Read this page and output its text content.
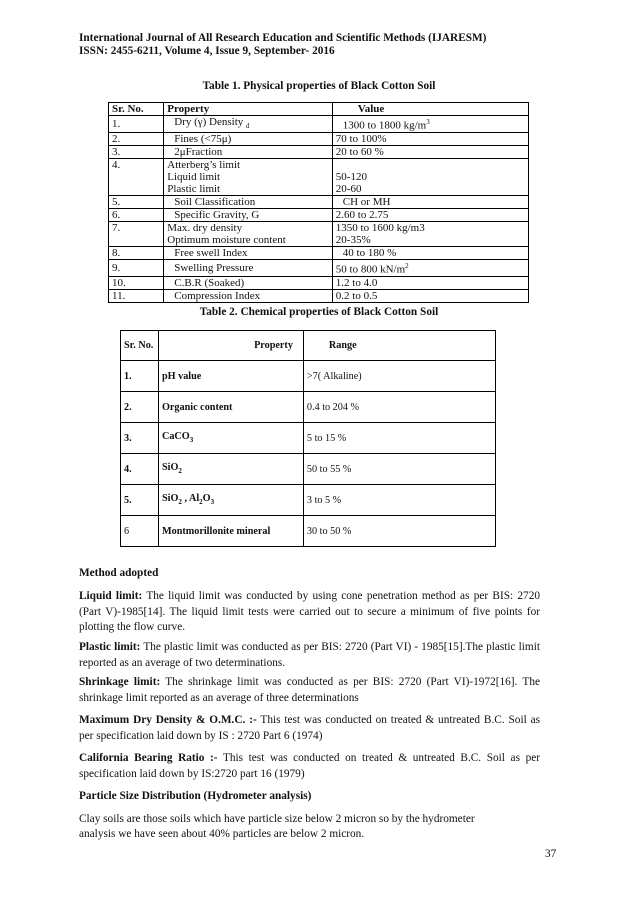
International Journal of All Research Education and Scientific Methods (IJARESM)
ISSN: 2455-6211, Volume 4, Issue 9, September- 2016
Table 1. Physical properties of Black Cotton Soil
Sr. No.	Property	Value
1.	Dry (γ) Density $_d$	1300 to 1800 $kg/m^3$
2.	Fines (<75μ)	70 to 100%
3.	2μFraction	20 to 60 %
4.	Atterberg’s limit	
	Liquid limit	50-120
	Plastic limit	20-60
5.	Soil Classification	CH or MH
6.	Specific Gravity, G	2.60 to 2.75
7.	Max. dry density	1350 to 1600 kg/m3
	Optimum moisture content	20-35%
8.	Free swell Index	40 to 180 %
9.	Swelling Pressure	50 to 800 $kN/m^2$
10.	C.B.R (Soaked)	1.2 to 4.0
11.	Compression Index	0.2 to 0.5
Table 2. Chemical properties of Black Cotton Soil
Sr. No.	Property	Range
1.	pH value	>7( Alkaline)
2.	Organic content	0.4 to 204 %
3.	CaCO$_3$	5 to 15 %
4.	SiO$_2$	50 to 55 %
5.	SiO$_2$ , $Al_2O_3$	3 to 5 %
6	Montmorillonite mineral	30 to 50 %
Method adopted
Liquid limit: The liquid limit was conducted by using cone penetration method as per BIS: 2720 (Part V)-1985[14]. The liquid limit tests were carried out to secure a minimum of five points for plotting the flow curve.
Plastic limit: The plastic limit was conducted as per BIS: 2720 (Part VI) - 1985[15].The plastic limit reported as an average of two determinations.
Shrinkage limit: The shrinkage limit was conducted as per BIS: 2720 (Part VI)-1972[16]. The shrinkage limit reported as an average of three determinations
Maximum Dry Density & O.M.C. :- This test was conducted on treated & untreated B.C. Soil as per specification laid down by IS : 2720 Part 6 (1974)
California Bearing Ratio :- This test was conducted on treated & untreated B.C. Soil as per specification laid down by IS:2720 part 16 (1979)
Particle Size Distribution (Hydrometer analysis)
Clay soils are those soils which have particle size below 2 micron so by the hydrometer
analysis we have seen about 40% particles are below 2 micron.
37
